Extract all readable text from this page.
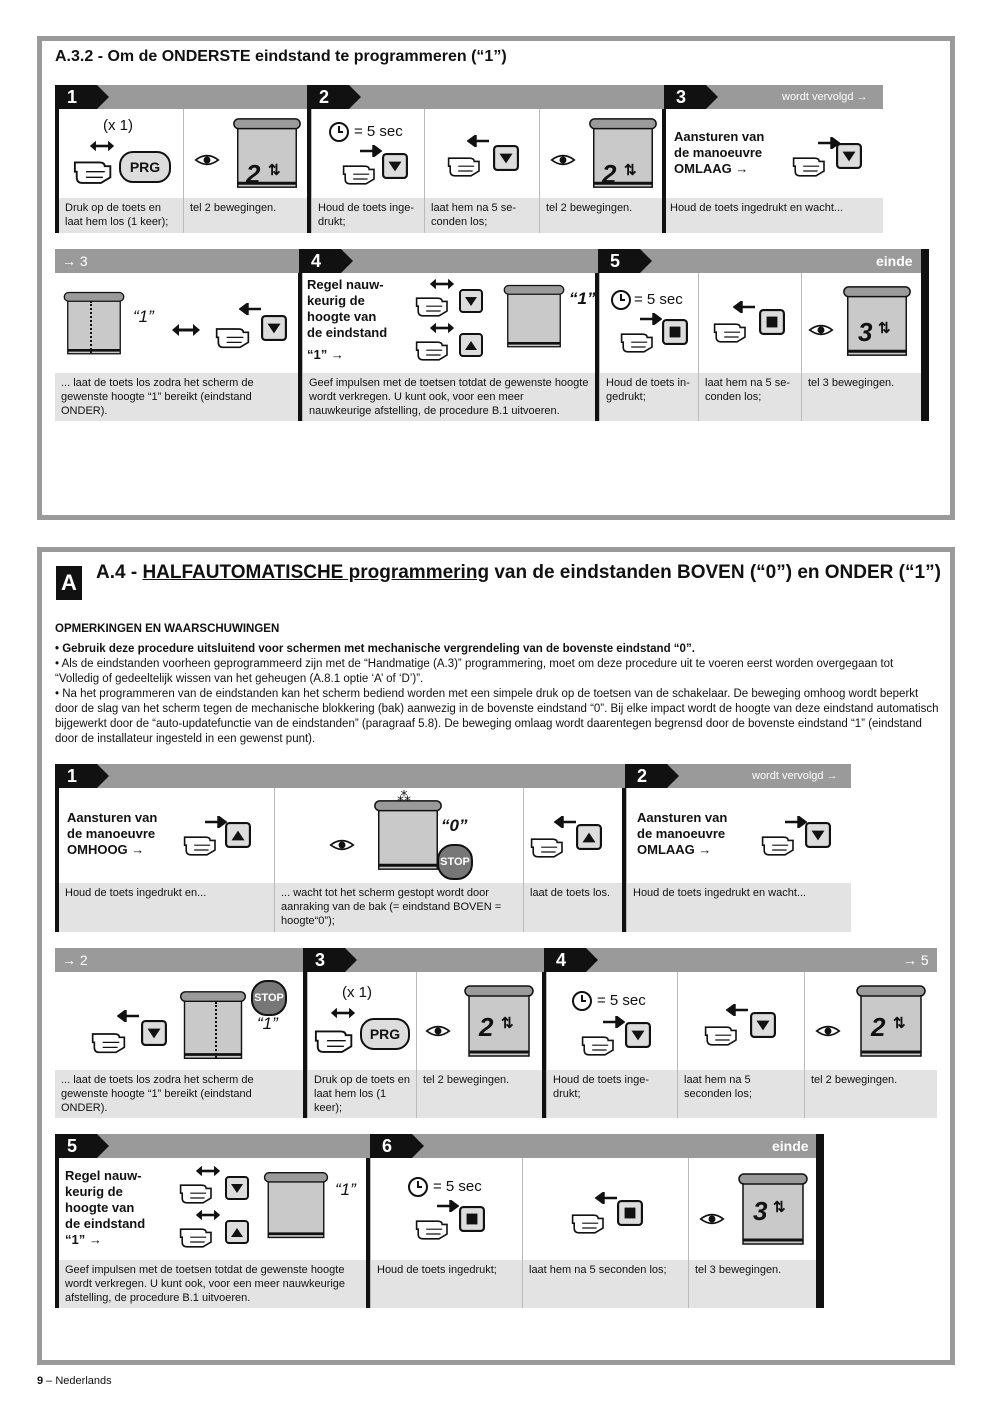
A.3.2 - Om de ONDERSTE eindstand te programmeren (“1”)
1	2	3	wordt vervolgd →
(x 1)
PRG	2 ⇅
= 5 sec
2 ⇅
Aansturen van
de manoeuvre
OMLAAG →
Druk op de toets en laat hem los (1 keer);
tel 2 bewegingen.	Houd de toets inge-drukt;
laat hem na 5 se-conden los;
tel 2 bewegingen.	Houd de toets ingedrukt en wacht...
→ 3	4	5	einde
“1”
Regel nauw-
keurig de
hoogte van
de eindstand
“1” →
“1”	= 5 sec
3 ⇅
... laat de toets los zodra het scherm de gewenste hoogte “1” bereikt (eindstand ONDER).
Geef impulsen met de toetsen totdat de gewenste hoogte wordt verkregen. U kunt ook, voor een meer nauwkeurige afstelling, de procedure B.1 uitvoeren.
Houd de toets in-gedrukt;
laat hem na 5 se-conden los;
tel 3 bewegingen.
A A.4 - HALFAUTOMATISCHE programmering van de eindstanden BOVEN (“0”) en ONDER (“1”)

OPMERKINGEN EN WAARSCHUWINGEN

• Gebruik deze procedure uitsluitend voor schermen met mechanische vergrendeling van de bovenste eindstand “0”.

• Als de eindstanden voorheen geprogrammeerd zijn met de “Handmatige (A.3)” programmering, moet om deze procedure uit te voeren eerst worden overgegaan tot “Volledig of gedeeltelijk wissen van het geheugen (A.8.1 optie ‘A’ of ‘D’)”.

• Na het programmeren van de eindstanden kan het scherm bediend worden met een simpele druk op de toetsen van de schakelaar. De beweging omhoog wordt beperkt door de slag van het scherm tegen de mechanische blokkering (bak) aanwezig in de bovenste eindstand “0”. Bij elke impact wordt de hoogte van deze eindstand automatisch bijgewerkt door de “auto-updatefunctie van de eindstanden” (paragraaf 5.8). De beweging omlaag wordt daarentegen begrensd door de bovenste eindstand “1” (eindstand door de installateur ingesteld in een gewenst punt).

1	2	wordt vervolgd →
Aansturen van
de manoeuvre
OMHOOG →
⁂
“0”
STOP
Aansturen van
de manoeuvre
OMLAAG →
Houd de toets ingedrukt en...	... wacht tot het scherm gestopt wordt door aanraking van de bak (= eindstand BOVEN = hoogte“0”);
laat de toets los.	Houd de toets ingedrukt en wacht...
→ 2	3	4	→ 5
STOP
“1”
(x 1)
PRG	2 ⇅
= 5 sec
2 ⇅
... laat de toets los zodra het scherm de gewenste hoogte “1” bereikt (eindstand ONDER).
Druk op de toets en laat hem los (1 keer);
tel 2 bewegingen.	Houd de toets inge-drukt;
laat hem na 5 seconden los;
tel 2 bewegingen.
5	6	einde
Regel nauw-
keurig de
hoogte van
de eindstand
“1” →
“1”	= 5 sec
3 ⇅
Geef impulsen met de toetsen totdat de gewenste hoogte wordt verkregen. U kunt ook, voor een meer nauwkeurige afstelling, de procedure B.1 uitvoeren.
Houd de toets ingedrukt;	laat hem na 5 seconden los;	tel 3 bewegingen.
9 – Nederlands
